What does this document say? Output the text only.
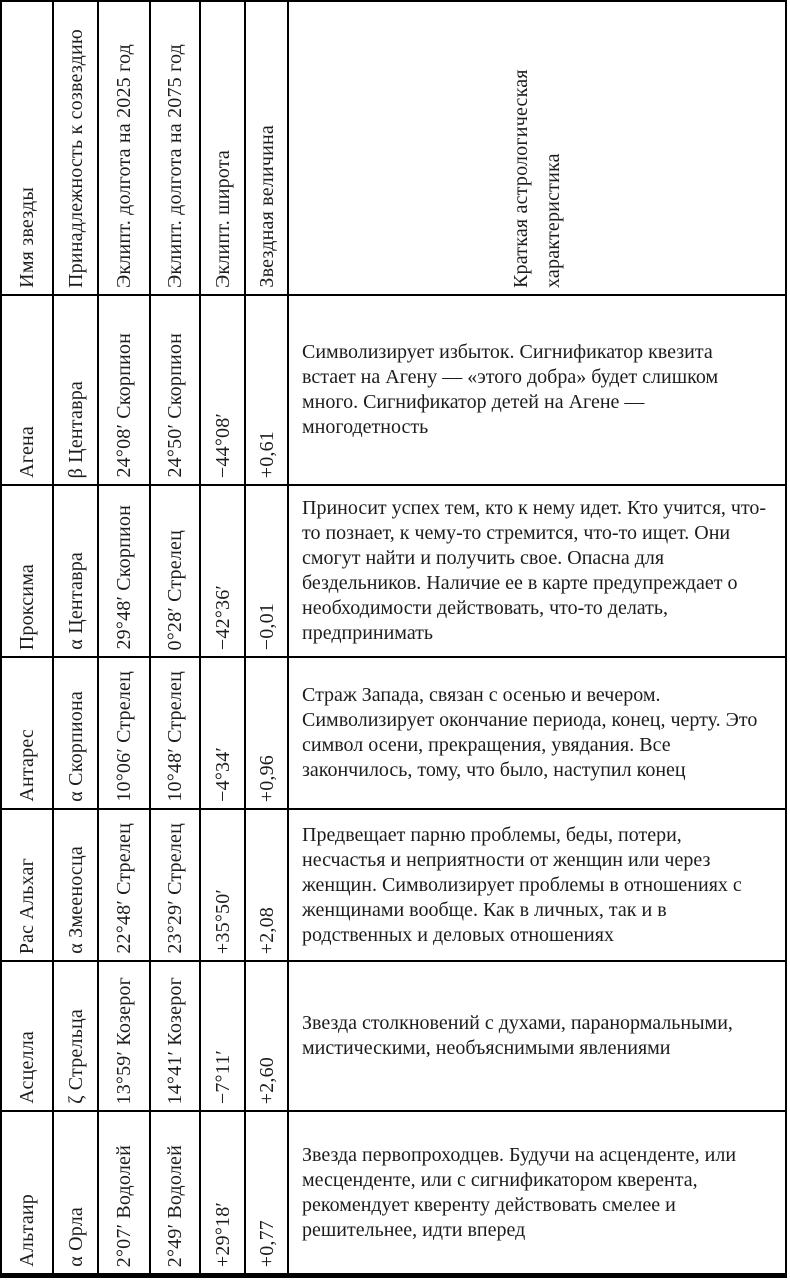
Имя звезды Принадлежность к созвездию Эклипт. долгота на 2025 год Эклипт. долгота на 2075 год Эклипт. широта Звездная величина	Краткая астрологическая характеристика
Агена β Центавра 24°08′ Скорпион 24°50′ Скорпион −44°08′ +0,61

Символизирует избыток. Сигнификатор квезита встает на Агену — «этого добра» будет слишком много. Сигнификатор детей на Агене — многодетность

Проксима α Центавра 29°48′ Скорпион 0°28′ Стрелец −42°36′ −0,01

Приносит успех тем, кто к нему идет. Кто учится, что-то познает, к чему-то стремится, что-то ищет. Они смогут найти и получить свое. Опасна для бездельников. Наличие ее в карте предупреждает о необходимости действовать, что-то делать, предпринимать

Антарес α Скорпиона 10°06′ Стрелец 10°48′ Стрелец −4°34′ +0,96

Страж Запада, связан с осенью и вечером. Символизирует окончание периода, конец, черту. Это символ осени, прекращения, увядания. Все закончилось, тому, что было, наступил конец

Рас Альхаг α Змееносца 22°48′ Стрелец 23°29′ Стрелец +35°50′ +2,08

Предвещает парню проблемы, беды, потери, несчастья и неприятности от женщин или через женщин. Символизирует проблемы в отношениях с женщинами вообще. Как в личных, так и в родственных и деловых отношениях

Асцелла ζ Стрельца 13°59′ Козерог 14°41′ Козерог −7°11′ +2,60

Звезда столкновений с духами, паранормальными, мистическими, необъяснимыми явлениями

Альтаир α Орла 2°07′ Водолей 2°49′ Водолей +29°18′ +0,77

Звезда первопроходцев. Будучи на асценденте, или месценденте, или с сигнификатором кверента, рекомендует кверенту действовать смелее и решительнее, идти вперед
